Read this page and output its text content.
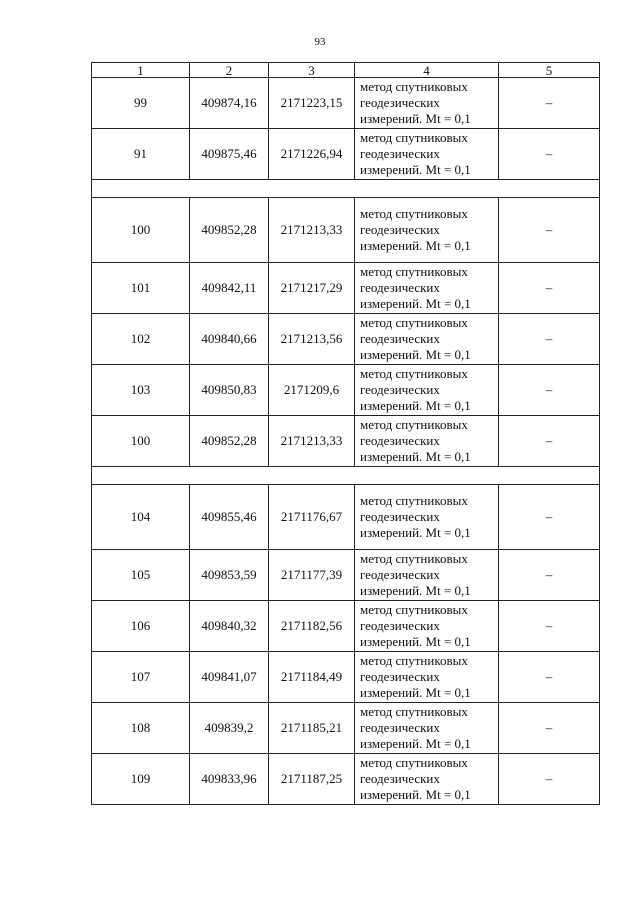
93
1	2	3	4	5
99	409874,16	2171223,15	метод спутниковых
геодезических
измерений. Mt = 0,1	–
91	409875,46	2171226,94	метод спутниковых
геодезических
измерений. Mt = 0,1	–

100	409852,28	2171213,33	метод спутниковых
геодезических
измерений. Mt = 0,1	–
101	409842,11	2171217,29	метод спутниковых
геодезических
измерений. Mt = 0,1	–
102	409840,66	2171213,56	метод спутниковых
геодезических
измерений. Mt = 0,1	–
103	409850,83	2171209,6	метод спутниковых
геодезических
измерений. Mt = 0,1	–
100	409852,28	2171213,33	метод спутниковых
геодезических
измерений. Mt = 0,1	–

104	409855,46	2171176,67	метод спутниковых
геодезических
измерений. Mt = 0,1	–
105	409853,59	2171177,39	метод спутниковых
геодезических
измерений. Mt = 0,1	–
106	409840,32	2171182,56	метод спутниковых
геодезических
измерений. Mt = 0,1	–
107	409841,07	2171184,49	метод спутниковых
геодезических
измерений. Mt = 0,1	–
108	409839,2	2171185,21	метод спутниковых
геодезических
измерений. Mt = 0,1	–
109	409833,96	2171187,25	метод спутниковых
геодезических
измерений. Mt = 0,1	–
